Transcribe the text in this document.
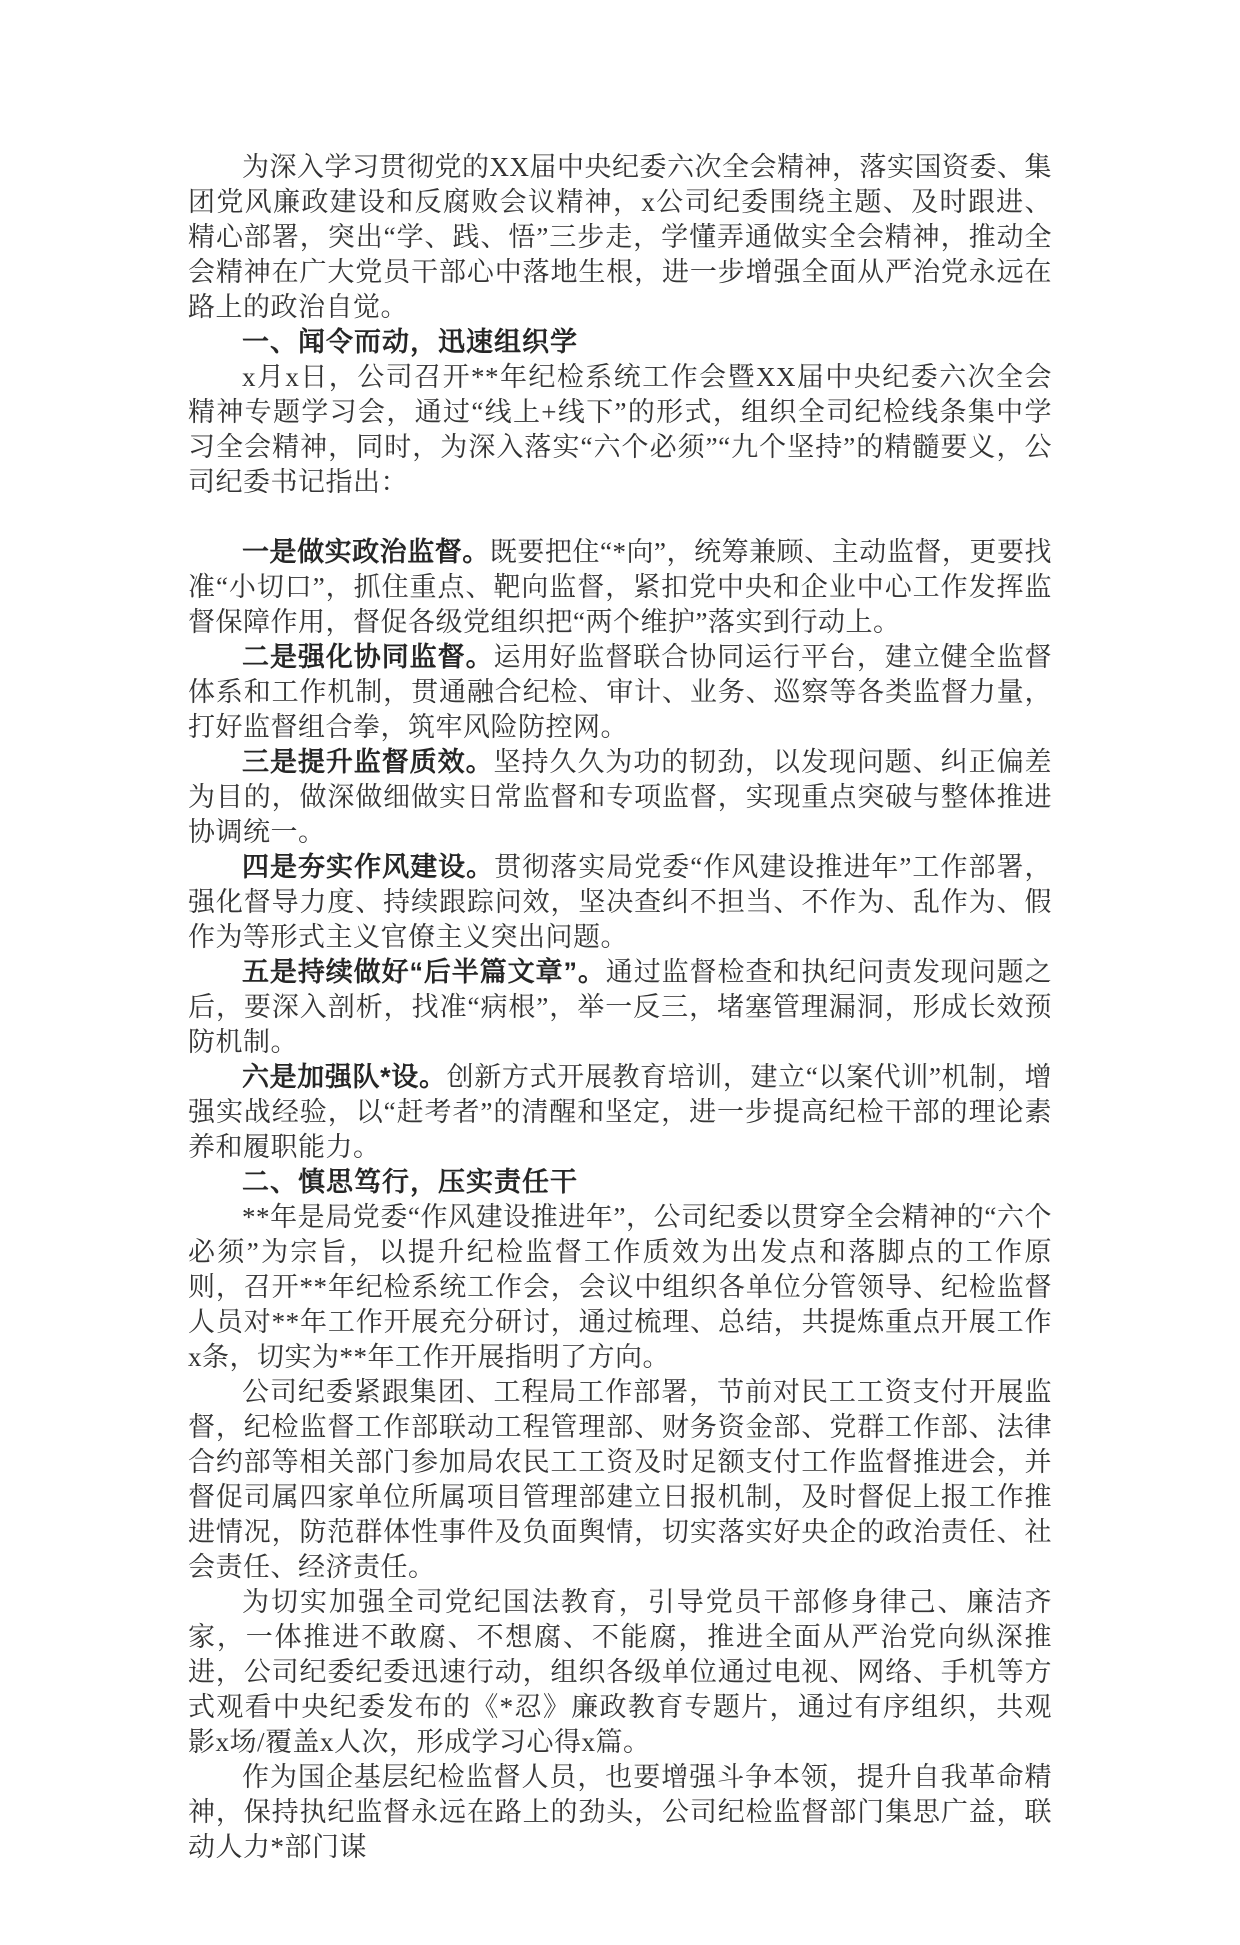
为深入学习贯彻党的XX届中央纪委六次全会精神，落实国资委、集团党风廉政建设和反腐败会议精神，x公司纪委围绕主题、及时跟进、精心部署，突出“学、践、悟”三步走，学懂弄通做实全会精神，推动全会精神在广大党员干部心中落地生根，进一步增强全面从严治党永远在路上的政治自觉。

一、闻令而动，迅速组织学

x月x日，公司召开**年纪检系统工作会暨XX届中央纪委六次全会精神专题学习会，通过“线上+线下”的形式，组织全司纪检线条集中学习全会精神，同时，为深入落实“六个必须”“九个坚持”的精髓要义，公司纪委书记指出：

一是做实政治监督。既要把住“*向”，统筹兼顾、主动监督，更要找准“小切口”，抓住重点、靶向监督，紧扣党中央和企业中心工作发挥监督保障作用，督促各级党组织把“两个维护”落实到行动上。

二是强化协同监督。运用好监督联合协同运行平台，建立健全监督体系和工作机制，贯通融合纪检、审计、业务、巡察等各类监督力量，打好监督组合拳，筑牢风险防控网。

三是提升监督质效。坚持久久为功的韧劲，以发现问题、纠正偏差为目的，做深做细做实日常监督和专项监督，实现重点突破与整体推进协调统一。

四是夯实作风建设。贯彻落实局党委“作风建设推进年”工作部署，强化督导力度、持续跟踪问效，坚决查纠不担当、不作为、乱作为、假作为等形式主义官僚主义突出问题。

五是持续做好“后半篇文章”。通过监督检查和执纪问责发现问题之后，要深入剖析，找准“病根”，举一反三，堵塞管理漏洞，形成长效预防机制。

六是加强队*设。创新方式开展教育培训，建立“以案代训”机制，增强实战经验，以“赶考者”的清醒和坚定，进一步提高纪检干部的理论素养和履职能力。

二、慎思笃行，压实责任干

**年是局党委“作风建设推进年”，公司纪委以贯穿全会精神的“六个必须”为宗旨，以提升纪检监督工作质效为出发点和落脚点的工作原则，召开**年纪检系统工作会，会议中组织各单位分管领导、纪检监督人员对**年工作开展充分研讨，通过梳理、总结，共提炼重点开展工作x条，切实为**年工作开展指明了方向。

公司纪委紧跟集团、工程局工作部署，节前对民工工资支付开展监督，纪检监督工作部联动工程管理部、财务资金部、党群工作部、法律合约部等相关部门参加局农民工工资及时足额支付工作监督推进会，并督促司属四家单位所属项目管理部建立日报机制，及时督促上报工作推进情况，防范群体性事件及负面舆情，切实落实好央企的政治责任、社会责任、经济责任。

为切实加强全司党纪国法教育，引导党员干部修身律己、廉洁齐家，一体推进不敢腐、不想腐、不能腐，推进全面从严治党向纵深推进，公司纪委纪委迅速行动，组织各级单位通过电视、网络、手机等方式观看中央纪委发布的《*忍》廉政教育专题片，通过有序组织，共观影x场/覆盖x人次，形成学习心得x篇。

作为国企基层纪检监督人员，也要增强斗争本领，提升自我革命精神，保持执纪监督永远在路上的劲头，公司纪检监督部门集思广益，联动人力*部门谋
